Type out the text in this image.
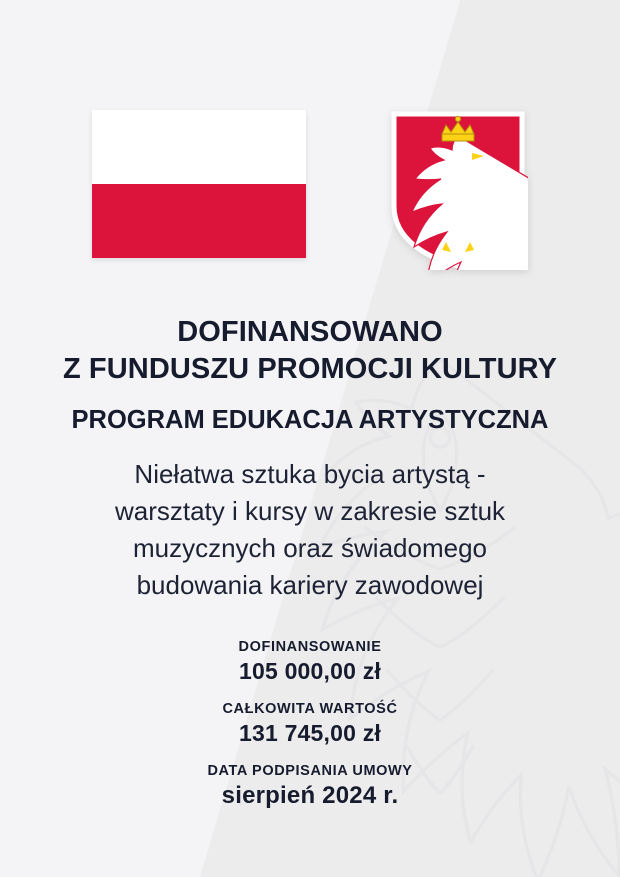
DOFINANSOWANO
Z FUNDUSZU PROMOCJI KULTURY
PROGRAM EDUKACJA ARTYSTYCZNA
Niełatwa sztuka bycia artystą -
warsztaty i kursy w zakresie sztuk
muzycznych oraz świadomego
budowania kariery zawodowej
DOFINANSOWANIE
105 000,00 zł
CAŁKOWITA WARTOŚĆ
131 745,00 zł
DATA PODPISANIA UMOWY
sierpień 2024 r.
